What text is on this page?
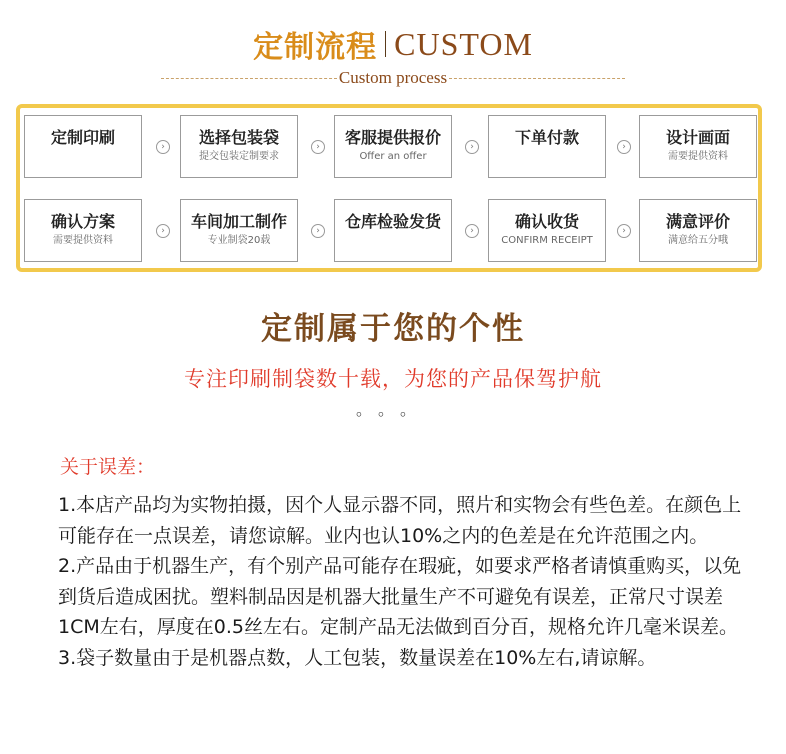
定制流程 CUSTOM
Custom process
定制印刷	›	选择包装袋
提交包装定制要求
›	客服提供报价
Offer an offer
›	下单付款	›	设计画面
需要提供资料
确认方案
需要提供资料
›	车间加工制作
专业制袋20载
›	仓库检验发货	›	确认收货
CONFIRM RECEIPT
›	满意评价
满意给五分哦
定制属于您的个性
专注印刷制袋数十载，为您的产品保驾护航
。。。
关于误差：

1.本店产品均为实物拍摄，因个人显示器不同，照片和实物会有些色差。在颜色上可能存在一点误差，请您谅解。业内也认10%之内的色差是在允许范围之内。

2.产品由于机器生产，有个别产品可能存在瑕疵，如要求严格者请慎重购买，以免到货后造成困扰。塑料制品因是机器大批量生产不可避免有误差，正常尺寸误差1CM左右，厚度在0.5丝左右。定制产品无法做到百分百，规格允许几毫米误差。

3.袋子数量由于是机器点数，人工包装，数量误差在10%左右,请谅解。
